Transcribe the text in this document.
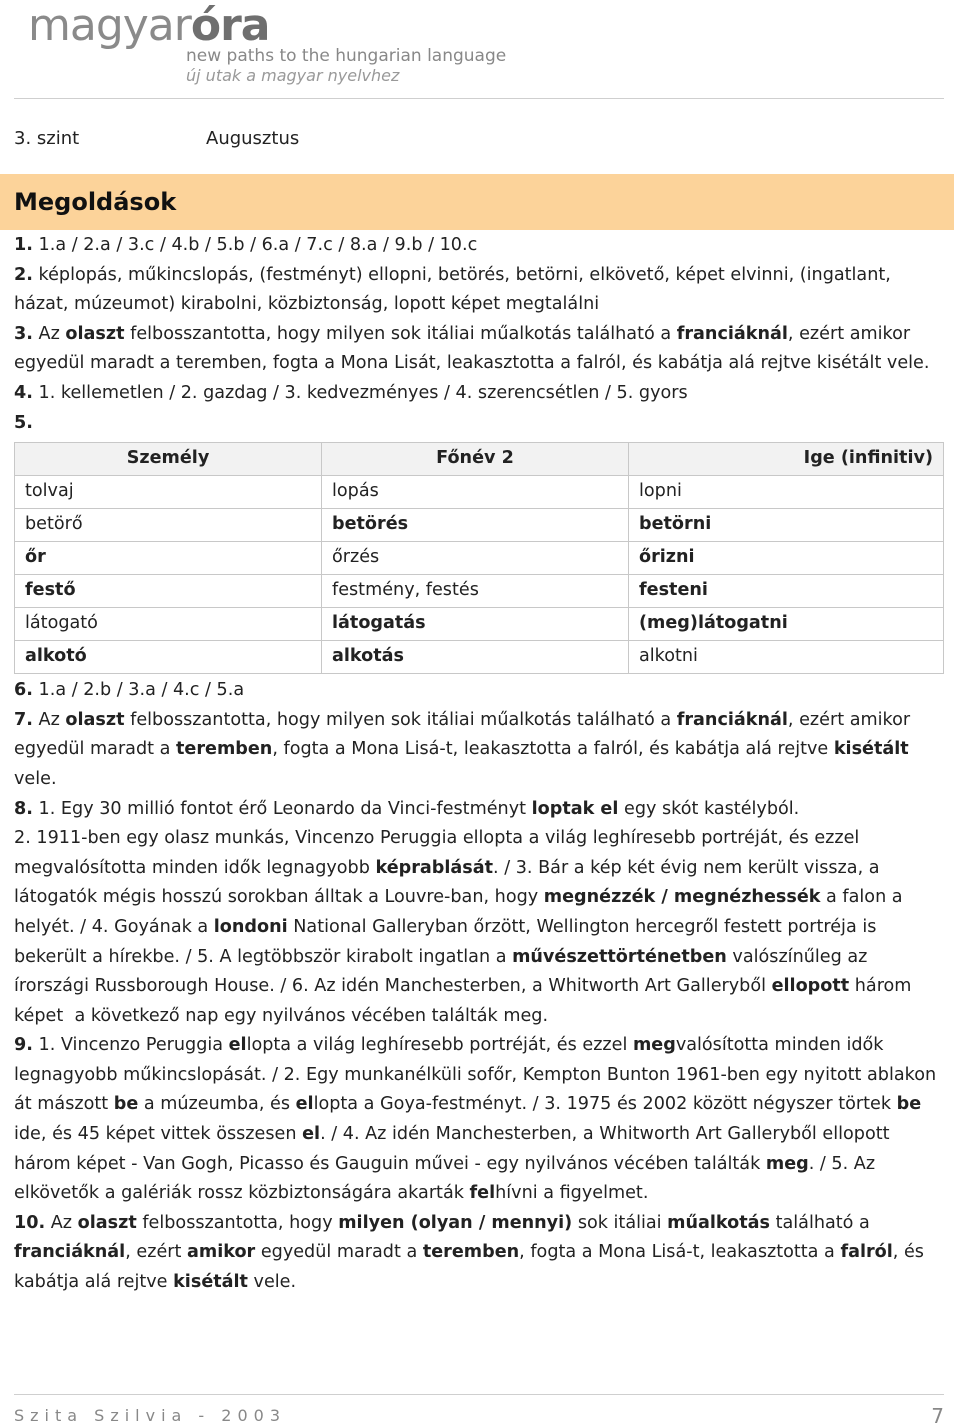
magyaróra
new paths to the hungarian language
új utak a magyar nyelvhez
3. szint	Augusztus
Megoldások

1. 1.a / 2.a / 3.c / 4.b / 5.b / 6.a / 7.c / 8.a / 9.b / 10.c

2. képlopás, műkincslopás, (festményt) ellopni, betörés, betörni, elkövető, képet elvinni, (ingatlant, házat, múzeumot) kirabolni, közbiztonság, lopott képet megtalálni

3. Az olaszt felbosszantotta, hogy milyen sok itáliai műalkotás található a franciáknál, ezért amikor egyedül maradt a teremben, fogta a Mona Lisát, leakasztotta a falról, és kabátja alá rejtve kisétált vele.

4. 1. kellemetlen / 2. gazdag / 3. kedvezményes / 4. szerencsétlen / 5. gyors

5.

Személy	Főnév 2	Ige (infinitiv)
tolvaj	lopás	lopni
betörő	betörés	betörni
őr	őrzés	őrizni
festő	festmény, festés	festeni
látogató	látogatás	(meg)látogatni
alkotó	alkotás	alkotni

6. 1.a / 2.b / 3.a / 4.c / 5.a

7. Az olaszt felbosszantotta, hogy milyen sok itáliai műalkotás található a franciáknál, ezért amikor egyedül maradt a teremben, fogta a Mona Lisá-t, leakasztotta a falról, és kabátja alá rejtve kisétált vele.

8. 1. Egy 30 millió fontot érő Leonardo da Vinci-festményt loptak el egy skót kastélyból.
2. 1911-ben egy olasz munkás, Vincenzo Peruggia ellopta a világ leghíresebb portréját, és ezzel megvalósította minden idők legnagyobb képrablását. / 3. Bár a kép két évig nem került vissza, a látogatók mégis hosszú sorokban álltak a Louvre-ban, hogy megnézzék / megnézhessék a falon a helyét. / 4. Goyának a londoni National Galleryban őrzött, Wellington hercegről festett portréja is bekerült a hírekbe. / 5. A legtöbbször kirabolt ingatlan a művészettörténetben valószínűleg az írországi Russborough House. / 6. Az idén Manchesterben, a Whitworth Art Galleryből ellopott három képet  a következő nap egy nyilvános vécében találták meg.

9. 1. Vincenzo Peruggia ellopta a világ leghíresebb portréját, és ezzel megvalósította minden idők legnagyobb műkincslopását. / 2. Egy munkanélküli sofőr, Kempton Bunton 1961-ben egy nyitott ablakon át mászott be a múzeumba, és ellopta a Goya-festményt. / 3. 1975 és 2002 között négyszer törtek be ide, és 45 képet vittek összesen el. / 4. Az idén Manchesterben, a Whitworth Art Galleryből ellopott három képet - Van Gogh, Picasso és Gauguin művei - egy nyilvános vécében találták meg. / 5. Az elkövetők a galériák rossz közbiztonságára akarták felhívni a figyelmet.

10. Az olaszt felbosszantotta, hogy milyen (olyan / mennyi) sok itáliai műalkotás található a franciáknál, ezért amikor egyedül maradt a teremben, fogta a Mona Lisá-t, leakasztotta a falról, és kabátja alá rejtve kisétált vele.

Szita Szilvia - 2003	7
